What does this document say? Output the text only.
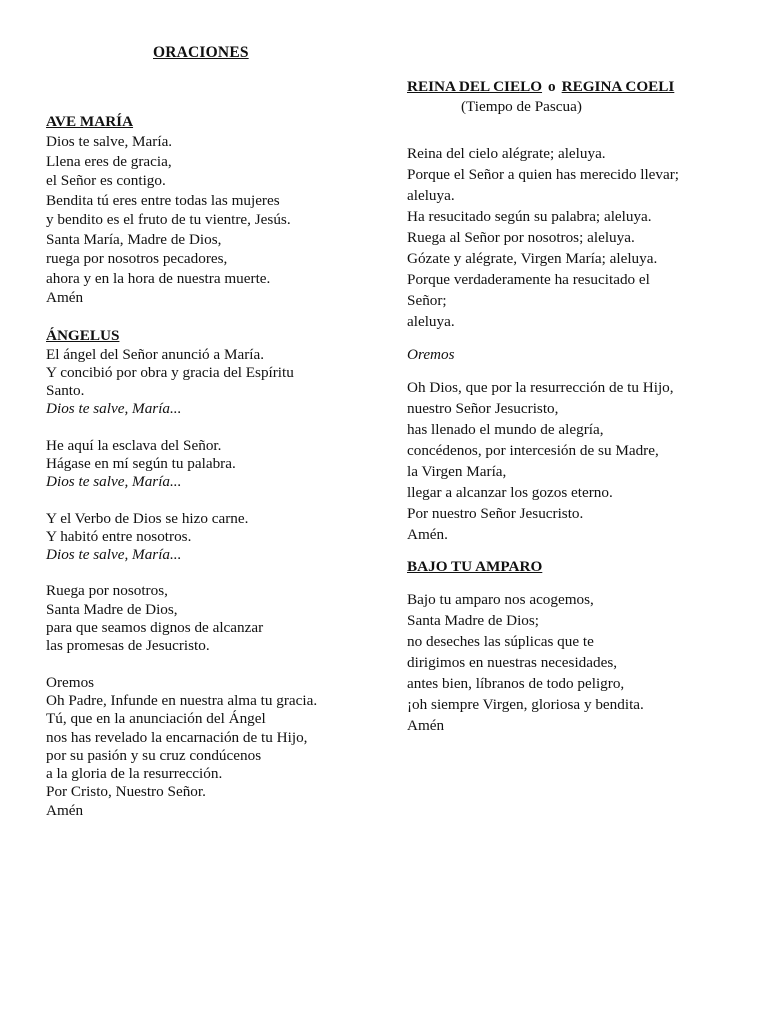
ORACIONES
AVE MARÍA
Dios te salve, María.
Llena eres de gracia,
el Señor es contigo.
Bendita tú eres entre todas las mujeres
y bendito es el fruto de tu vientre, Jesús.
Santa María, Madre de Dios,
ruega por nosotros pecadores,
ahora y en la hora de nuestra muerte.
Amén
ÁNGELUS
El ángel del Señor anunció a María.
Y concibió por obra y gracia del Espíritu
Santo.
Dios te salve, María...
He aquí la esclava del Señor.
Hágase en mí según tu palabra.
Dios te salve, María...
Y el Verbo de Dios se hizo carne.
Y habitó entre nosotros.
Dios te salve, María...
Ruega por nosotros,
Santa Madre de Dios,
para que seamos dignos de alcanzar
las promesas de Jesucristo.
Oremos
Oh Padre, Infunde en nuestra alma tu gracia.
Tú, que en la anunciación del Ángel
nos has revelado la encarnación de tu Hijo,
por su pasión y su cruz condúcenos
a la gloria de la resurrección.
Por Cristo, Nuestro Señor.
Amén
REINA DEL CIELO o REGINA COELI
(Tiempo de Pascua)
Reina del cielo alégrate; aleluya.
Porque el Señor a quien has merecido llevar;
aleluya.
Ha resucitado según su palabra; aleluya.
Ruega al Señor por nosotros; aleluya.
Gózate y alégrate, Virgen María; aleluya.
Porque verdaderamente ha resucitado el
Señor;
aleluya.
Oremos
Oh Dios, que por la resurrección de tu Hijo,
nuestro Señor Jesucristo,
has llenado el mundo de alegría,
concédenos, por intercesión de su Madre,
la Virgen María,
llegar a alcanzar los gozos eterno.
Por nuestro Señor Jesucristo.
Amén.
BAJO TU AMPARO
Bajo tu amparo nos acogemos,
Santa Madre de Dios;
no deseches las súplicas que te
dirigimos en nuestras necesidades,
antes bien, líbranos de todo peligro,
¡oh siempre Virgen, gloriosa y bendita.
Amén
